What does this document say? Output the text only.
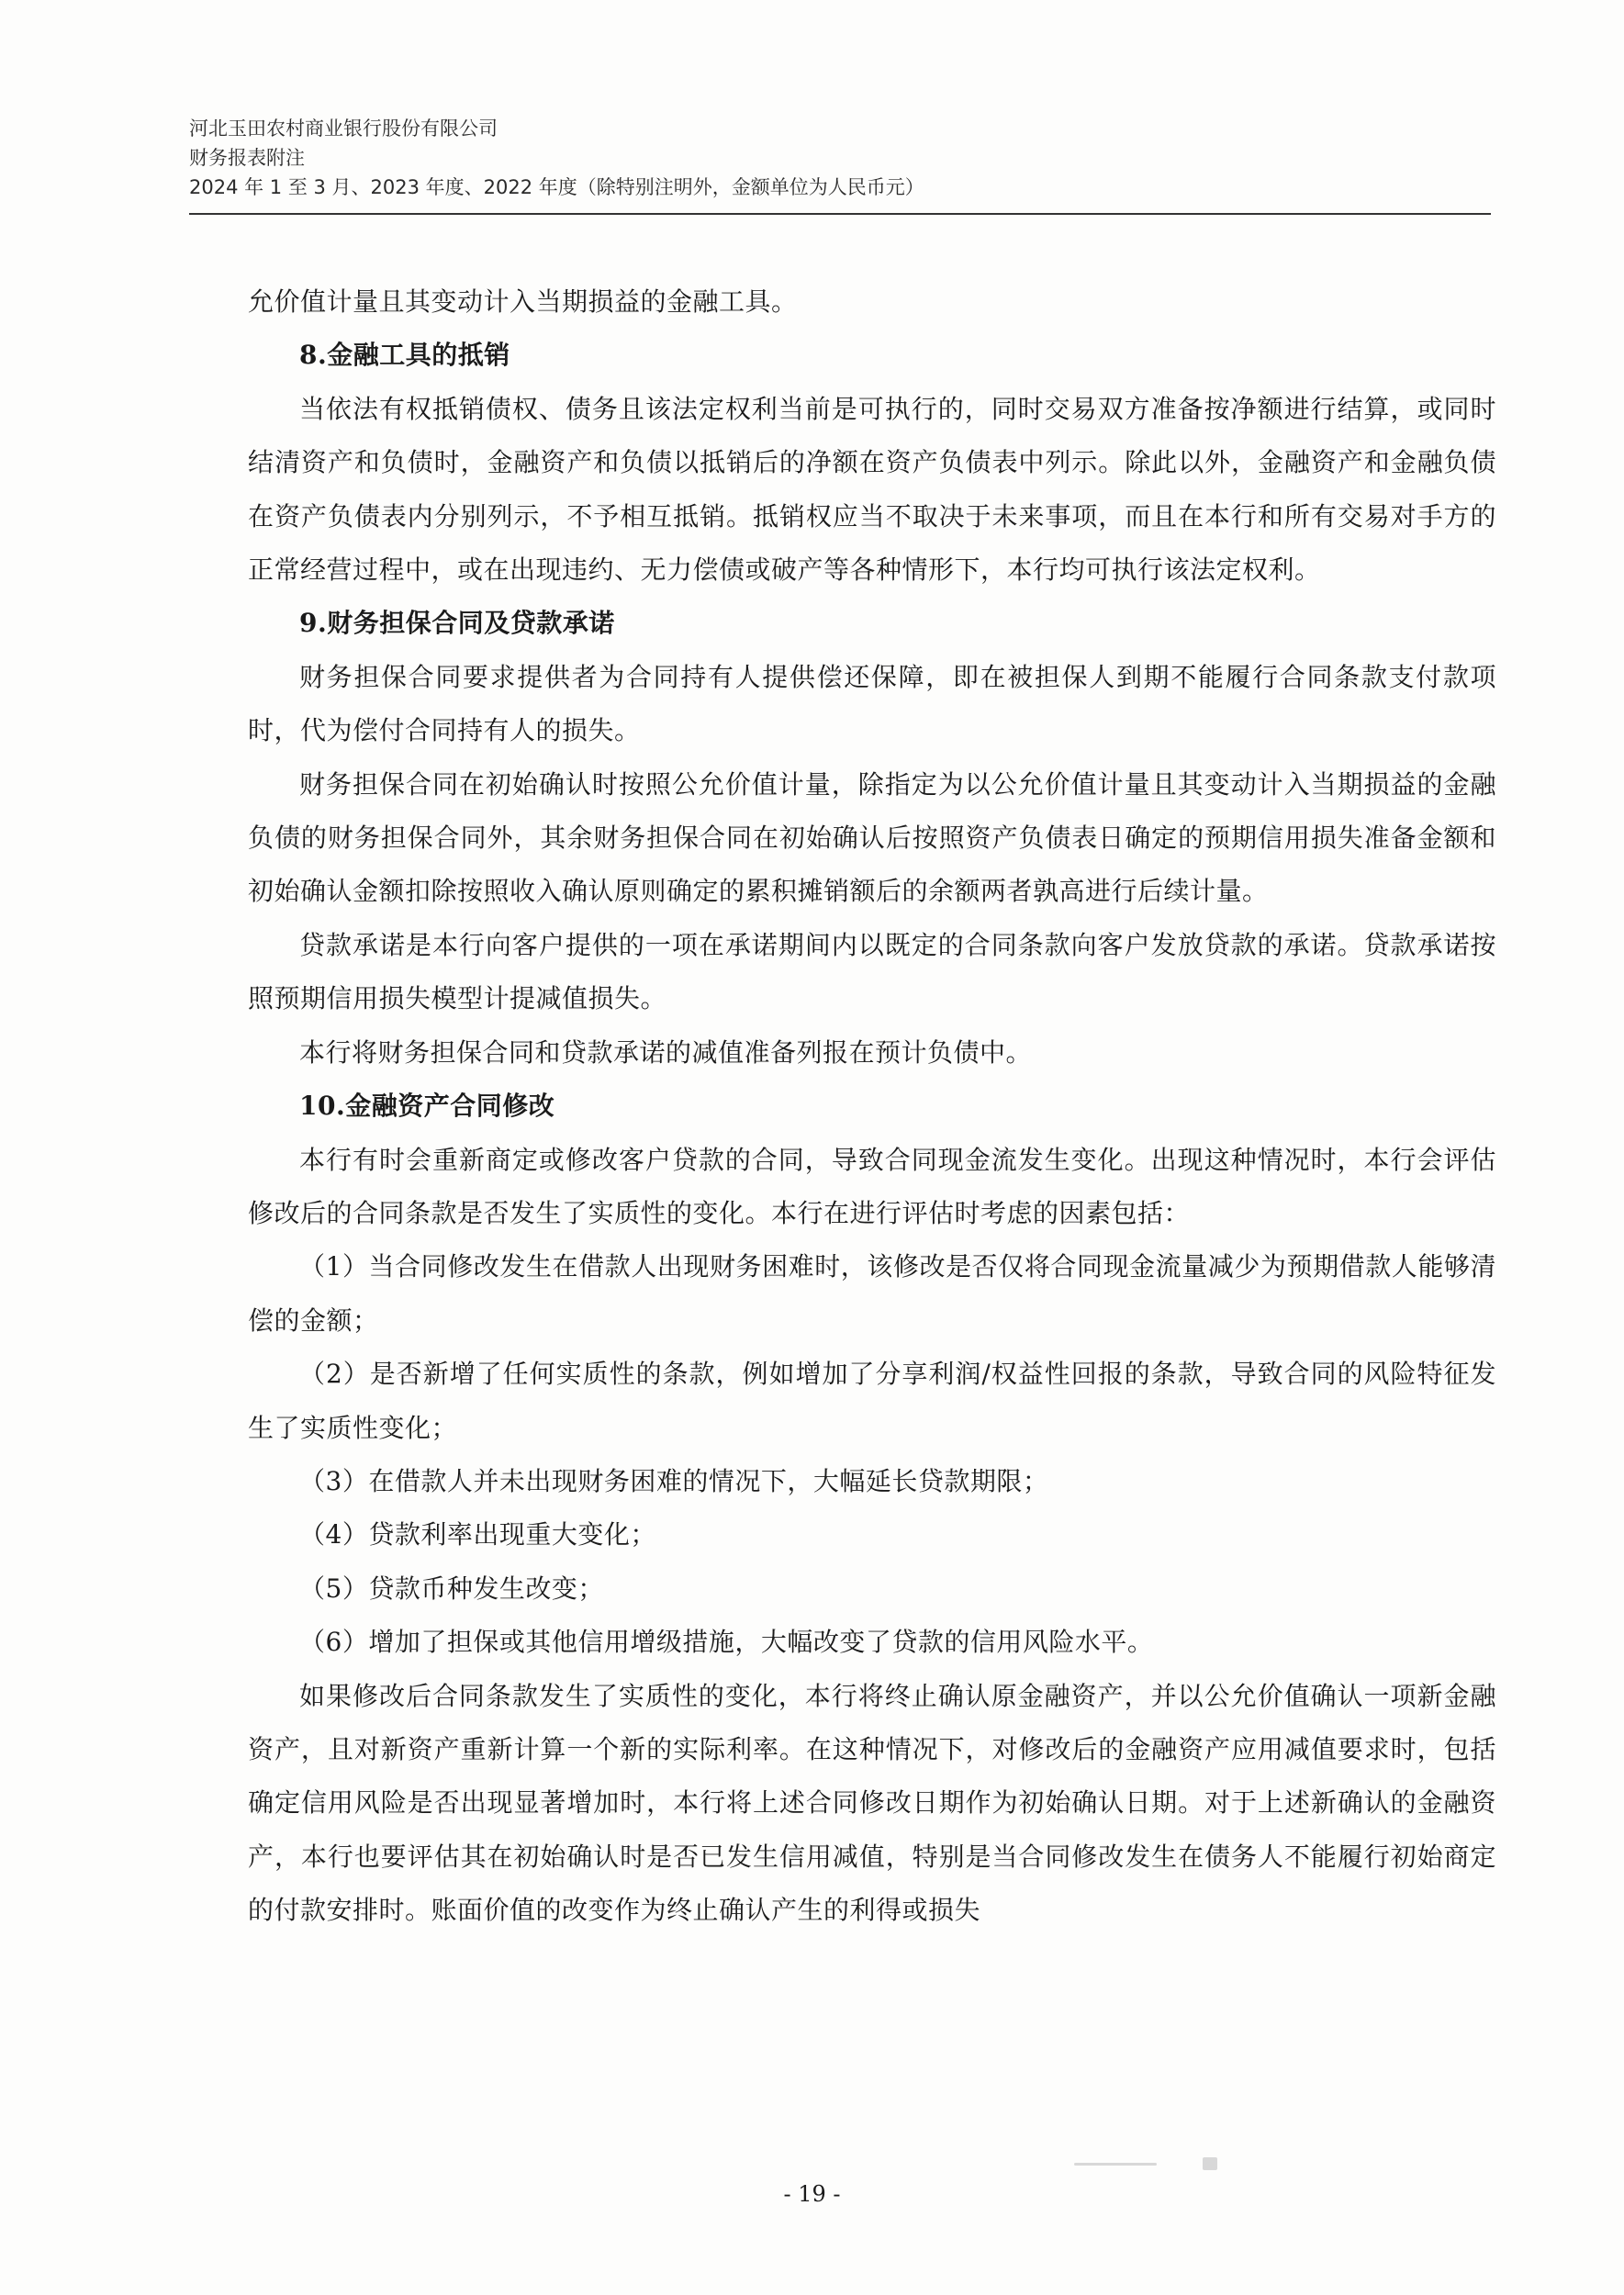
河北玉田农村商业银行股份有限公司
财务报表附注
2024 年 1 至 3 月、2023 年度、2022 年度（除特别注明外，金额单位为人民币元）

允价值计量且其变动计入当期损益的金融工具。

8.金融工具的抵销

当依法有权抵销债权、债务且该法定权利当前是可执行的，同时交易双方准备按净额进行结算，或同时结清资产和负债时，金融资产和负债以抵销后的净额在资产负债表中列示。除此以外，金融资产和金融负债在资产负债表内分别列示，不予相互抵销。抵销权应当不取决于未来事项，而且在本行和所有交易对手方的正常经营过程中，或在出现违约、无力偿债或破产等各种情形下，本行均可执行该法定权利。

9.财务担保合同及贷款承诺

财务担保合同要求提供者为合同持有人提供偿还保障，即在被担保人到期不能履行合同条款支付款项时，代为偿付合同持有人的损失。

财务担保合同在初始确认时按照公允价值计量，除指定为以公允价值计量且其变动计入当期损益的金融负债的财务担保合同外，其余财务担保合同在初始确认后按照资产负债表日确定的预期信用损失准备金额和初始确认金额扣除按照收入确认原则确定的累积摊销额后的余额两者孰高进行后续计量。

贷款承诺是本行向客户提供的一项在承诺期间内以既定的合同条款向客户发放贷款的承诺。贷款承诺按照预期信用损失模型计提减值损失。

本行将财务担保合同和贷款承诺的减值准备列报在预计负债中。

10.金融资产合同修改

本行有时会重新商定或修改客户贷款的合同，导致合同现金流发生变化。出现这种情况时，本行会评估修改后的合同条款是否发生了实质性的变化。本行在进行评估时考虑的因素包括：

（1）当合同修改发生在借款人出现财务困难时，该修改是否仅将合同现金流量减少为预期借款人能够清偿的金额；

（2）是否新增了任何实质性的条款，例如增加了分享利润/权益性回报的条款，导致合同的风险特征发生了实质性变化；

（3）在借款人并未出现财务困难的情况下，大幅延长贷款期限；

（4）贷款利率出现重大变化；

（5）贷款币种发生改变；

（6）增加了担保或其他信用增级措施，大幅改变了贷款的信用风险水平。

如果修改后合同条款发生了实质性的变化，本行将终止确认原金融资产，并以公允价值确认一项新金融资产，且对新资产重新计算一个新的实际利率。在这种情况下，对修改后的金融资产应用减值要求时，包括确定信用风险是否出现显著增加时，本行将上述合同修改日期作为初始确认日期。对于上述新确认的金融资产，本行也要评估其在初始确认时是否已发生信用减值，特别是当合同修改发生在债务人不能履行初始商定的付款安排时。账面价值的改变作为终止确认产生的利得或损失

- 19 -
